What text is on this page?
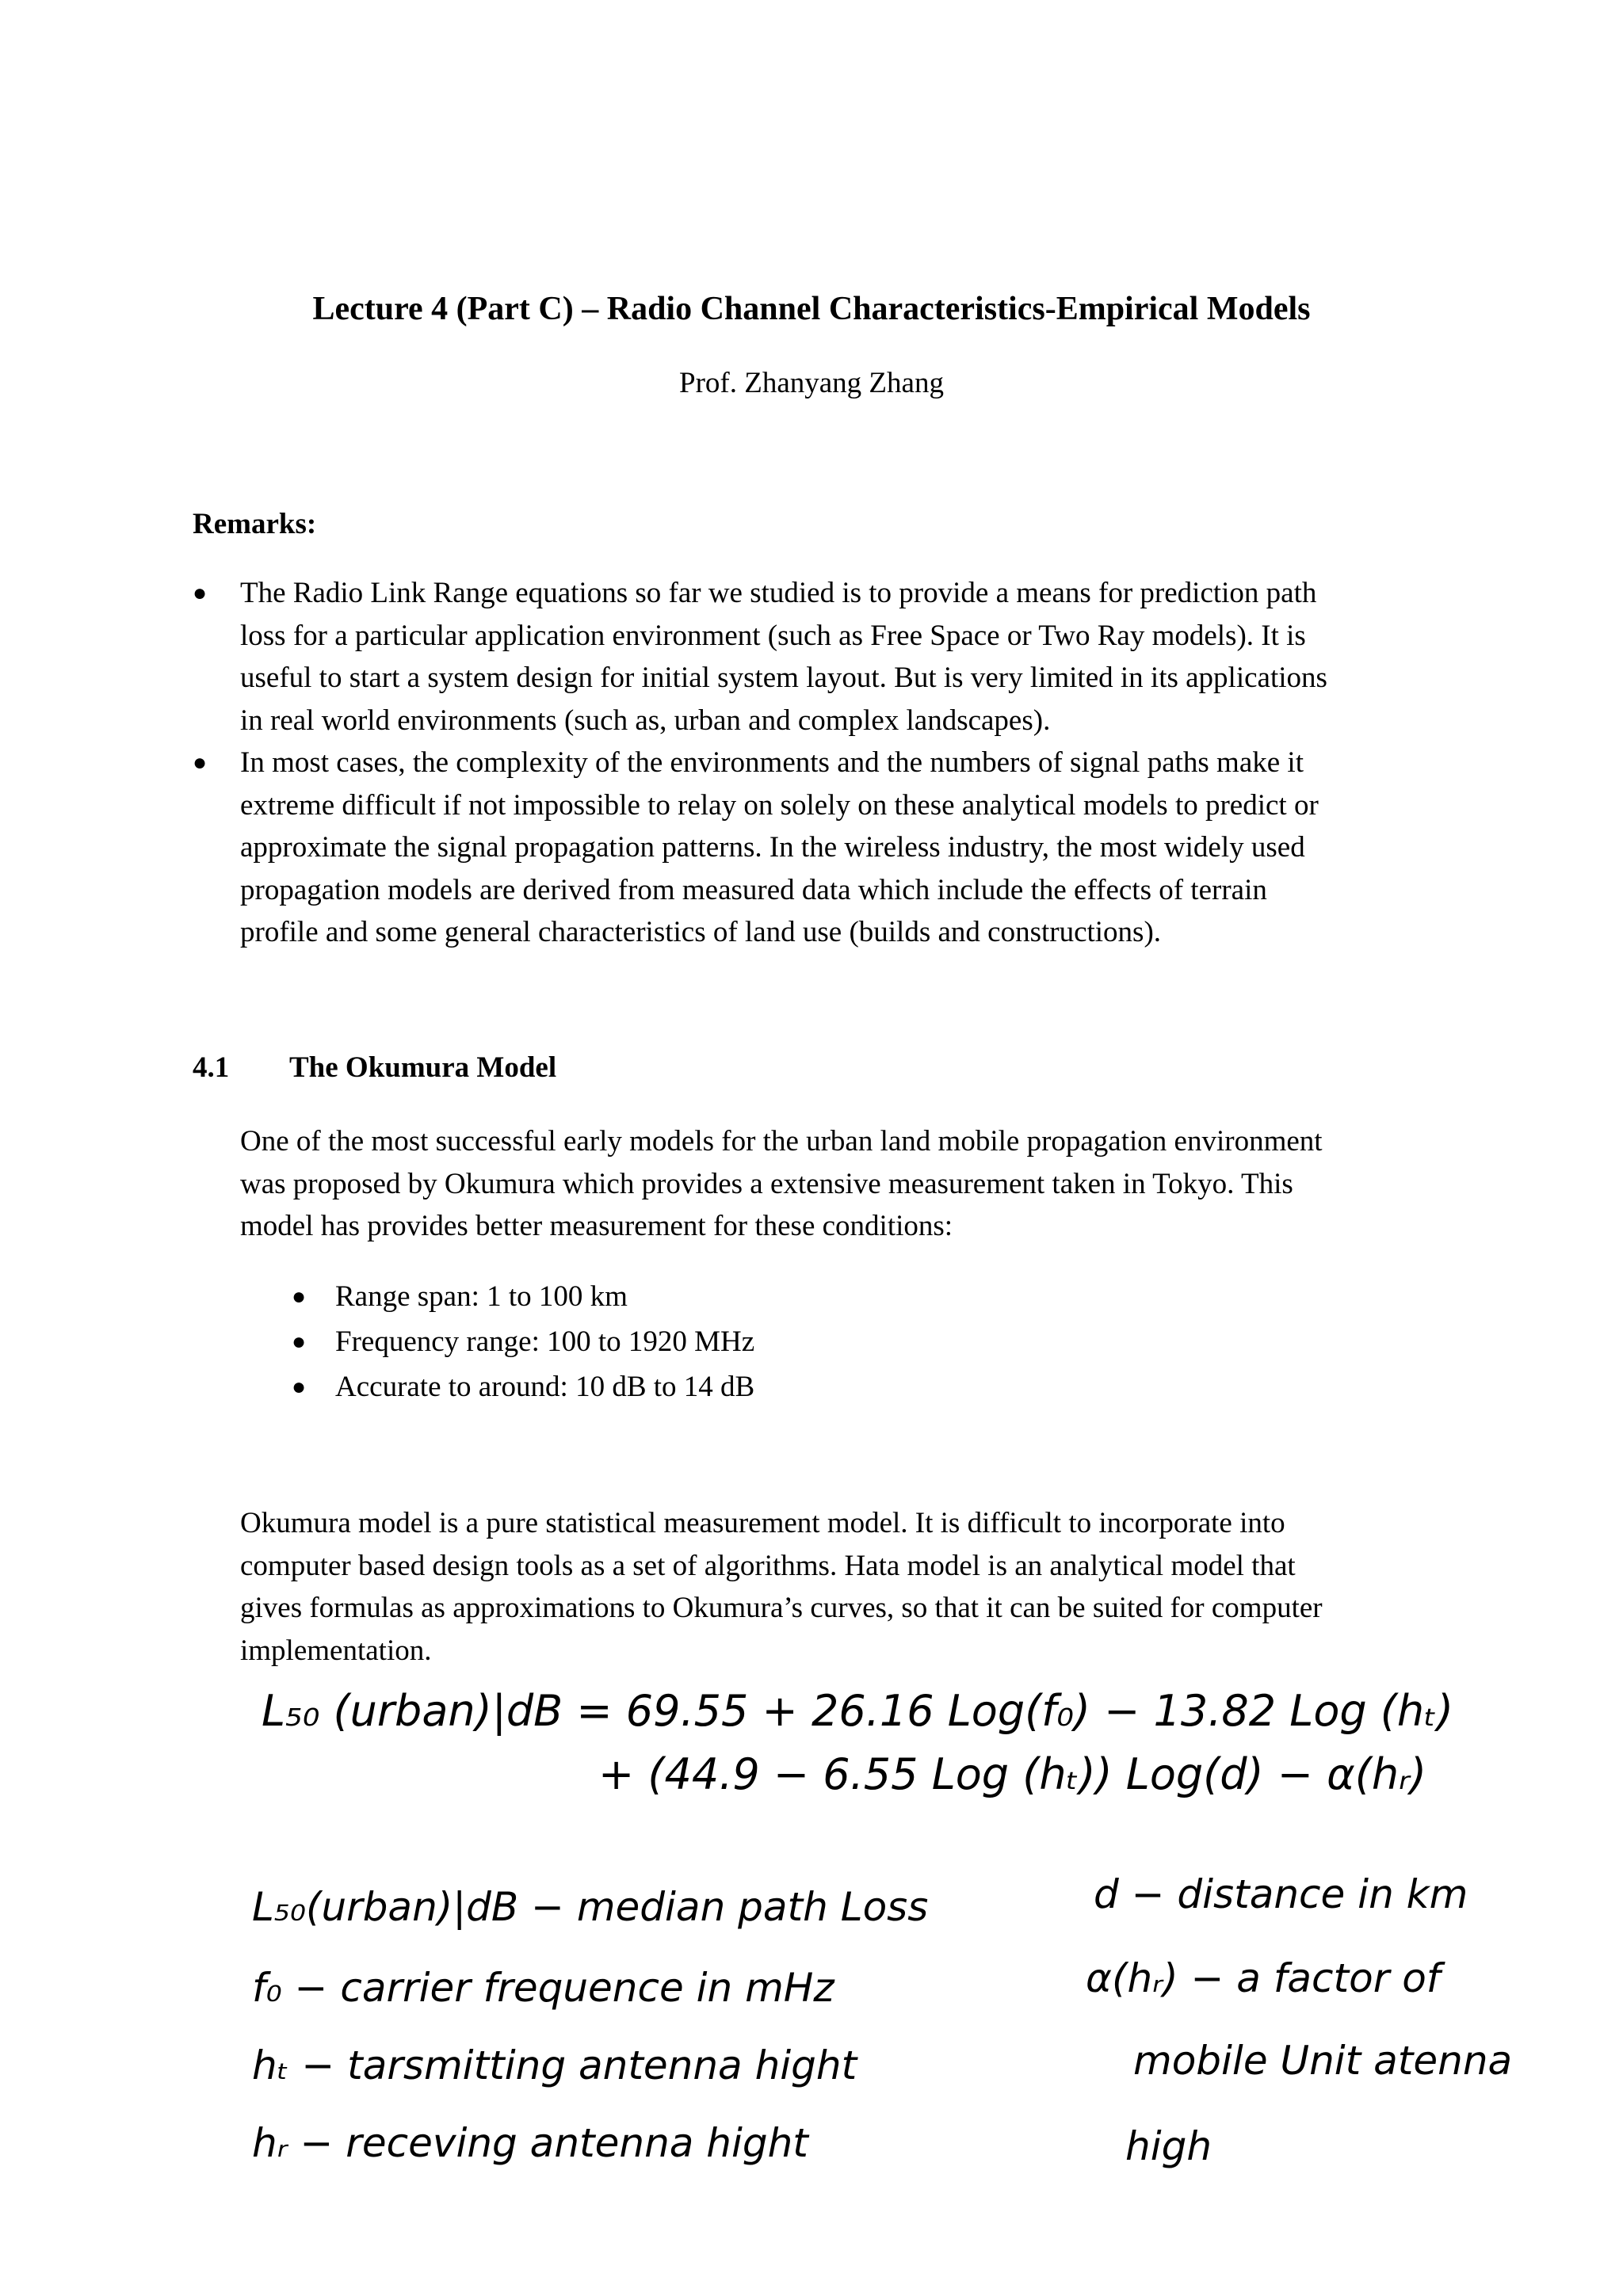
Lecture 4 (Part C) – Radio Channel Characteristics-Empirical Models
Prof. Zhanyang Zhang
Remarks:
● The Radio Link Range equations so far we studied is to provide a means for prediction path
loss for a particular application environment (such as Free Space or Two Ray models). It is
useful to start a system design for initial system layout. But is very limited in its applications
in real world environments (such as, urban and complex landscapes).
● In most cases, the complexity of the environments and the numbers of signal paths make it
extreme difficult if not impossible to relay on solely on these analytical models to predict or
approximate the signal propagation patterns. In the wireless industry, the most widely used
propagation models are derived from measured data which include the effects of terrain
profile and some general characteristics of land use (builds and constructions).
4.1 The Okumura Model
One of the most successful early models for the urban land mobile propagation environment
was proposed by Okumura which provides a extensive measurement taken in Tokyo. This
model has provides better measurement for these conditions:
● Range span: 1 to 100 km
● Frequency range: 100 to 1920 MHz
● Accurate to around: 10 dB to 14 dB
Okumura model is a pure statistical measurement model. It is difficult to incorporate into
computer based design tools as a set of algorithms. Hata model is an analytical model that
gives formulas as approximations to Okumura’s curves, so that it can be suited for computer
implementation.
L₅₀ (urban)|dB = 69.55 + 26.16 Log(f₀) − 13.82 Log (hₜ)
+ (44.9 − 6.55 Log (hₜ)) Log(d) − α(hᵣ)
L₅₀(urban)|dB − median path Loss
f₀ − carrier frequence in mHz
hₜ − tarsmitting antenna hight
hᵣ − receving antenna hight
d − distance in km
α(hᵣ) − a factor of
mobile Unit atenna
high
